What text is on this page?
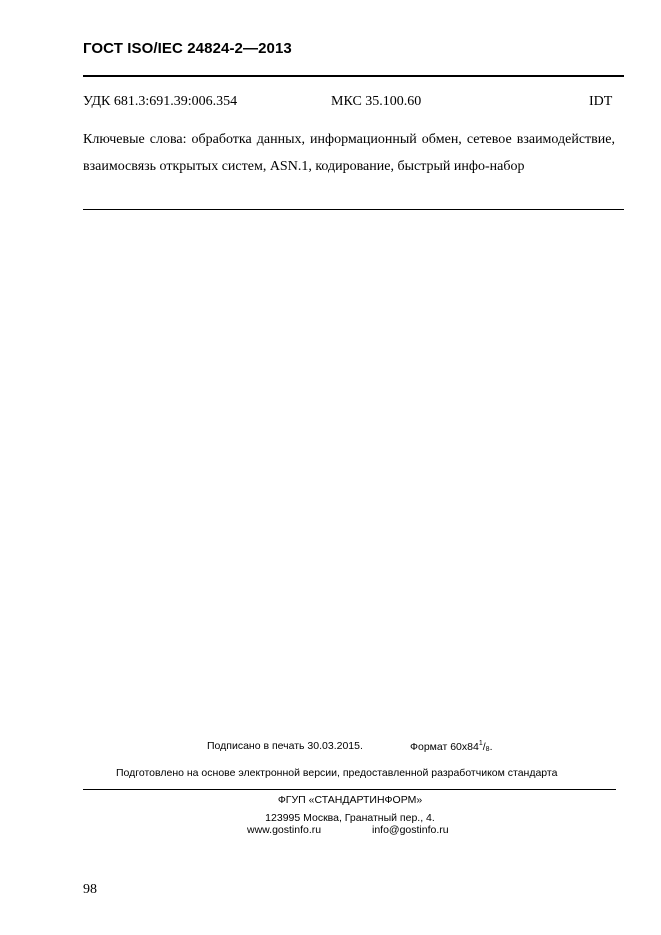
ГОСТ ISO/IEC 24824-2—2013
УДК 681.3:691.39:006.354	МКС 35.100.60	IDT
Ключевые слова: обработка данных, информационный обмен, сетевое взаимодействие, взаимосвязь открытых систем, ASN.1, кодирование, быстрый инфо-набор
Подписано в печать 30.03.2015.	Формат $60х84^1/_8$.
Подготовлено на основе электронной версии, предоставленной разработчиком стандарта
ФГУП «СТАНДАРТИНФОРМ»
123995 Москва, Гранатный пер., 4.
www.gostinfo.ru	info@gostinfo.ru
98
